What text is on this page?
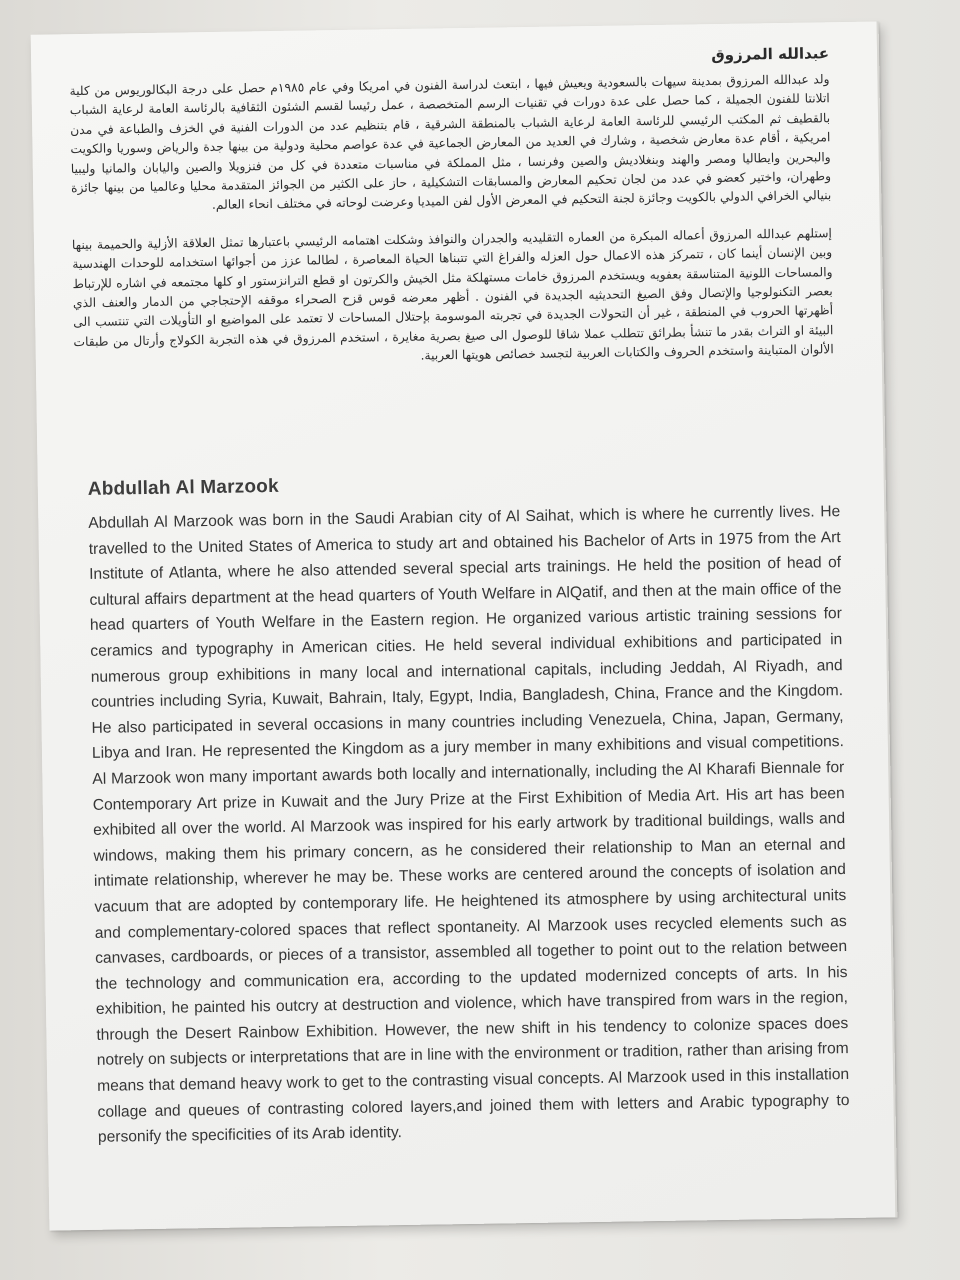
عبدالله المرزوق

ولد عبدالله المرزوق بمدينة سيهات بالسعودية ويعيش فيها ، ابتعث لدراسة الفنون في امريكا وفي عام ١٩٨٥م حصل على درجة البكالوريوس من كلية اتلانتا للفنون الجميلة ، كما حصل على عدة دورات في تقنيات الرسم المتخصصة ، عمل رئيسا لقسم الشئون الثقافية بالرئاسة العامة لرعاية الشباب بالقطيف ثم المكتب الرئيسي للرئاسة العامة لرعاية الشباب بالمنطقة الشرقية ، قام بتنظيم عدد من الدورات الفنية في الخزف والطباعة في مدن امريكية ، أقام عدة معارض شخصية ، وشارك في العديد من المعارض الجماعية في عدة عواصم محلية ودولية من بينها جدة والرياض وسوريا والكويت والبحرين وايطاليا ومصر والهند وبنغلاديش والصين وفرنسا ، مثل المملكة في مناسبات متعددة في كل من فنزويلا والصين واليابان والمانيا وليبيا وطهران، واختير كعضو في عدد من لجان تحكيم المعارض والمسابقات التشكيلية ، حاز على الكثير من الجوائز المتقدمة محليا وعالميا من بينها جائزة بنيالي الخرافي الدولي بالكويت وجائزة لجنة التحكيم في المعرض الأول لفن الميديا وعرضت لوحاته في مختلف انحاء العالم.

إستلهم عبدالله المرزوق أعماله المبكرة من العماره التقليديه والجدران والنوافذ وشكلت اهتمامه الرئيسي باعتبارها تمثل العلاقة الأزلية والحميمة بينها وبين الإنسان أينما كان ، تتمركز هذه الاعمال حول العزله والفراغ التي تتبناها الحياة المعاصرة ، لطالما عزز من أجوائها استخدامه للوحدات الهندسية والمساحات اللونية المتناسقة بعفويه ويستخدم المرزوق خامات مستهلكة مثل الخيش والكرتون او قطع الترانزستور او كلها مجتمعه في اشاره للإرتباط بعصر التكنولوجيا والإتصال وفق الصيغ التحديثيه الجديدة في الفنون . أظهر معرضه قوس قزح الصحراء موقفه الإحتجاجي من الدمار والعنف الذي أظهرتها الحروب في المنطقة ، غير أن التحولات الجديدة في تجربته الموسومة بإحتلال المساحات لا تعتمد على المواضيع او التأويلات التي تنتسب الى البيئة او التراث بقدر ما تنشأ بطرائق تتطلب عملا شاقا للوصول الى صيغ بصرية مغايرة ، استخدم المرزوق في هذه التجربة الكولاج وأرتال من طبقات الألوان المتباينة واستخدم الحروف والكتابات العربية لتجسد خصائص هويتها العربية.

Abdullah Al Marzook

Abdullah Al Marzook was born in the Saudi Arabian city of Al Saihat, which is where he currently lives. He travelled to the United States of America to study art and obtained his Bachelor of Arts in 1975 from the Art Institute of Atlanta, where he also attended several special arts trainings. He held the position of head of cultural affairs department at the head quarters of Youth Welfare in AlQatif, and then at the main office of the head quarters of Youth Welfare in the Eastern region. He organized various artistic training sessions for ceramics and typography in American cities. He held several individual exhibitions and participated in numerous group exhibitions in many local and international capitals, including Jeddah, Al Riyadh, and countries including Syria, Kuwait, Bahrain, Italy, Egypt, India, Bangladesh, China, France and the Kingdom. He also participated in several occasions in many countries including Venezuela, China, Japan, Germany, Libya and Iran. He represented the Kingdom as a jury member in many exhibitions and visual competitions. Al Marzook won many important awards both locally and internationally, including the Al Kharafi Biennale for Contemporary Art prize in Kuwait and the Jury Prize at the First Exhibition of Media Art. His art has been exhibited all over the world. Al Marzook was inspired for his early artwork by traditional buildings, walls and windows, making them his primary concern, as he considered their relationship to Man an eternal and intimate relationship, wherever he may be. These works are centered around the concepts of isolation and vacuum that are adopted by contemporary life. He heightened its atmosphere by using architectural units and complementary-colored spaces that reflect spontaneity. Al Marzook uses recycled elements such as canvases, cardboards, or pieces of a transistor, assembled all together to point out to the relation between the technology and communication era, according to the updated modernized concepts of arts. In his exhibition, he painted his outcry at destruction and violence, which have transpired from wars in the region, through the Desert Rainbow Exhibition. However, the new shift in his tendency to colonize spaces does notrely on subjects or interpretations that are in line with the environment or tradition, rather than arising from means that demand heavy work to get to the contrasting visual concepts. Al Marzook used in this installation collage and queues of contrasting colored layers,and joined them with letters and Arabic typography to personify the specificities of its Arab identity.
